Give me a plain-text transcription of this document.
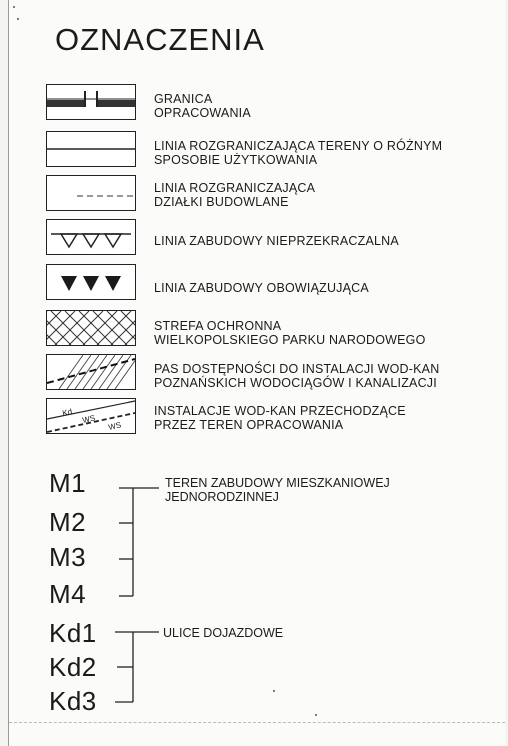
OZNACZENIA
GRANICA
OPRACOWANIA
LINIA ROZGRANICZAJĄCA TERENY O RÓŻNYM
SPOSOBIE UŻYTKOWANIA
LINIA ROZGRANICZAJĄCA
DZIAŁKI BUDOWLANE
LINIA ZABUDOWY NIEPRZEKRACZALNA
LINIA ZABUDOWY OBOWIĄZUJĄCA
STREFA OCHRONNA
WIELKOPOLSKIEGO PARKU NARODOWEGO
PAS DOSTĘPNOŚCI DO INSTALACJI WOD-KAN
POZNAŃSKICH WODOCIĄGÓW I KANALIZACJI
Kd
WS
WS
INSTALACJE WOD-KAN PRZECHODZĄCE
PRZEZ TEREN OPRACOWANIA
M1
M2
M3
M4
TEREN ZABUDOWY MIESZKANIOWEJ
JEDNORODZINNEJ
Kd1
Kd2
Kd3
ULICE DOJAZDOWE
